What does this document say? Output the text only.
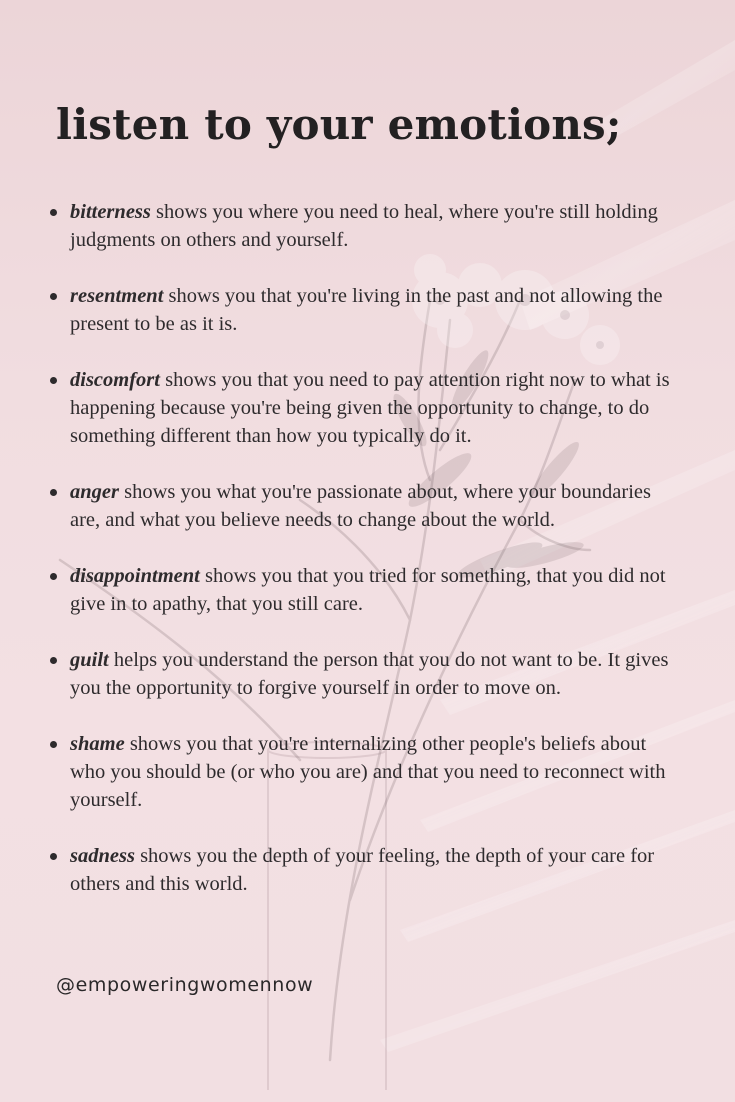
listen to your emotions;
bitterness shows you where you need to heal, where you're still holding judgments on others and yourself.
resentment shows you that you're living in the past and not allowing the present to be as it is.
discomfort shows you that you need to pay attention right now to what is happening because you're being given the opportunity to change, to do something different than how you typically do it.
anger shows you what you're passionate about, where your boundaries are, and what you believe needs to change about the world.
disappointment shows you that you tried for something, that you did not give in to apathy, that you still care.
guilt helps you understand the person that you do not want to be. It gives you the opportunity to forgive yourself in order to move on.
shame shows you that you're internalizing other people's beliefs about who you should be (or who you are) and that you need to reconnect with yourself.
sadness shows you the depth of your feeling, the depth of your care for others and this world.
@empoweringwomennow
